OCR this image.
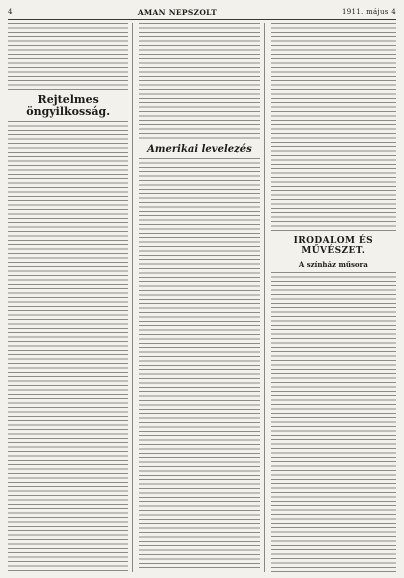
4	AMAN NEPSZOLT	1911. május 4
Rejtelmes öngyilkosság.
Amerikai levelezés
IRODALOM ÉS MŰVÉSZET.
A színház műsora
